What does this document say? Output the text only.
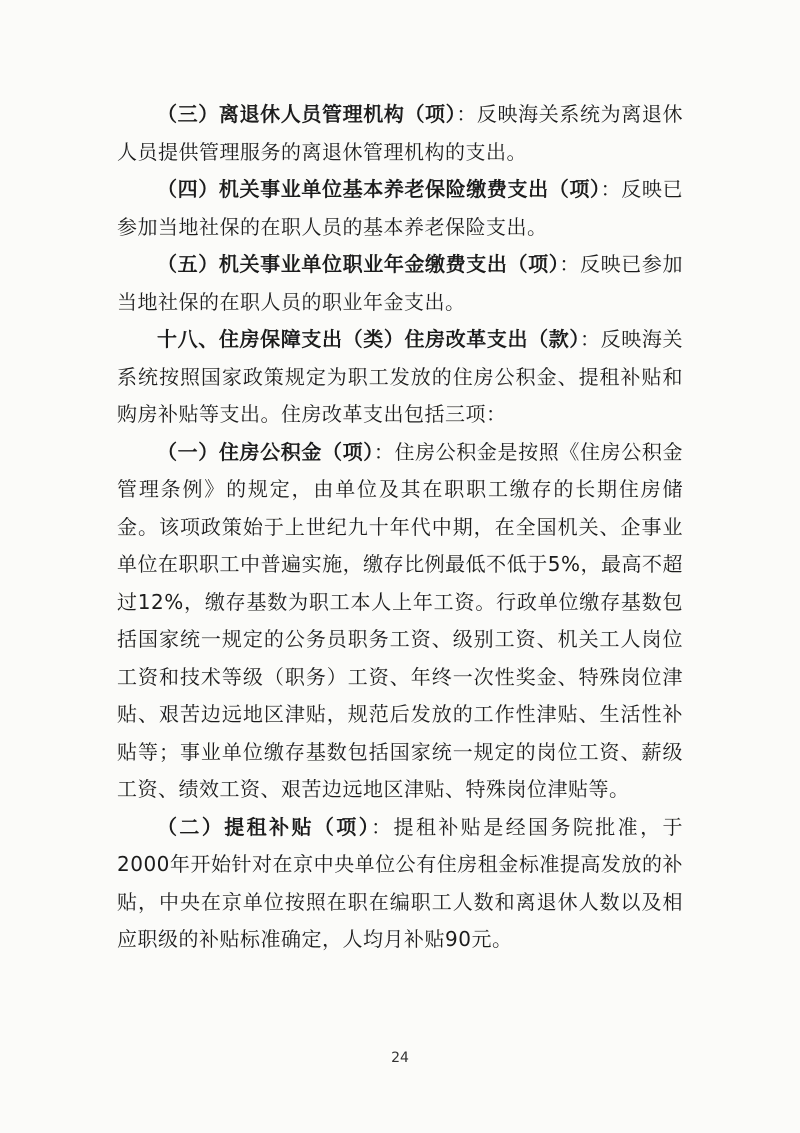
（三）离退休人员管理机构（项）：反映海关系统为离退休人员提供管理服务的离退休管理机构的支出。

（四）机关事业单位基本养老保险缴费支出（项）：反映已参加当地社保的在职人员的基本养老保险支出。

（五）机关事业单位职业年金缴费支出（项）：反映已参加当地社保的在职人员的职业年金支出。

十八、住房保障支出（类）住房改革支出（款）：反映海关系统按照国家政策规定为职工发放的住房公积金、提租补贴和购房补贴等支出。住房改革支出包括三项：

（一）住房公积金（项）：住房公积金是按照《住房公积金管理条例》的规定，由单位及其在职职工缴存的长期住房储金。该项政策始于上世纪九十年代中期，在全国机关、企事业单位在职职工中普遍实施，缴存比例最低不低于5%，最高不超过12%，缴存基数为职工本人上年工资。行政单位缴存基数包括国家统一规定的公务员职务工资、级别工资、机关工人岗位工资和技术等级（职务）工资、年终一次性奖金、特殊岗位津贴、艰苦边远地区津贴，规范后发放的工作性津贴、生活性补贴等；事业单位缴存基数包括国家统一规定的岗位工资、薪级工资、绩效工资、艰苦边远地区津贴、特殊岗位津贴等。

（二）提租补贴（项）：提租补贴是经国务院批准，于2000年开始针对在京中央单位公有住房租金标准提高发放的补贴，中央在京单位按照在职在编职工人数和离退休人数以及相应职级的补贴标准确定，人均月补贴90元。

24
